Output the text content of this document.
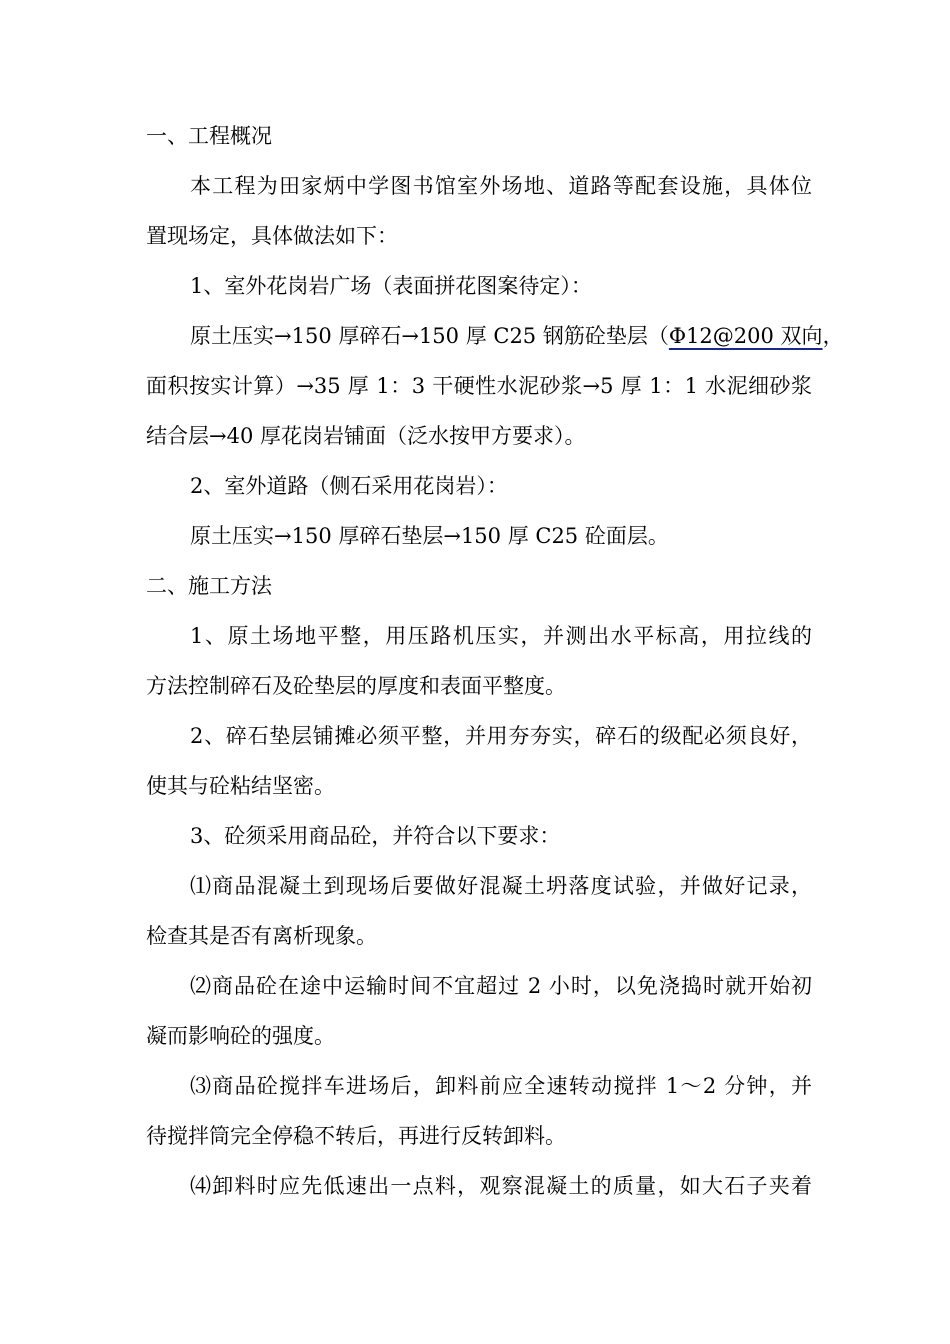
一、工程概况
本工程为田家炳中学图书馆室外场地、道路等配套设施，具体位
置现场定，具体做法如下：
1、室外花岗岩广场（表面拼花图案待定）：
原土压实→150 厚碎石→150 厚 C25 钢筋砼垫层（Φ12@200 双向，
面积按实计算）→35 厚 1：3 干硬性水泥砂浆→5 厚 1：1 水泥细砂浆
结合层→40 厚花岗岩铺面（泛水按甲方要求）。
2、室外道路（侧石采用花岗岩）：
原土压实→150 厚碎石垫层→150 厚 C25 砼面层。
二、施工方法
1、原土场地平整，用压路机压实，并测出水平标高，用拉线的
方法控制碎石及砼垫层的厚度和表面平整度。
2、碎石垫层铺摊必须平整，并用夯夯实，碎石的级配必须良好，
使其与砼粘结坚密。
3、砼须采用商品砼，并符合以下要求：
⑴商品混凝土到现场后要做好混凝土坍落度试验，并做好记录，
检查其是否有离析现象。
⑵商品砼在途中运输时间不宜超过 2 小时，以免浇捣时就开始初
凝而影响砼的强度。
⑶商品砼搅拌车进场后，卸料前应全速转动搅拌 1～2 分钟，并
待搅拌筒完全停稳不转后，再进行反转卸料。
⑷卸料时应先低速出一点料，观察混凝土的质量，如大石子夹着
